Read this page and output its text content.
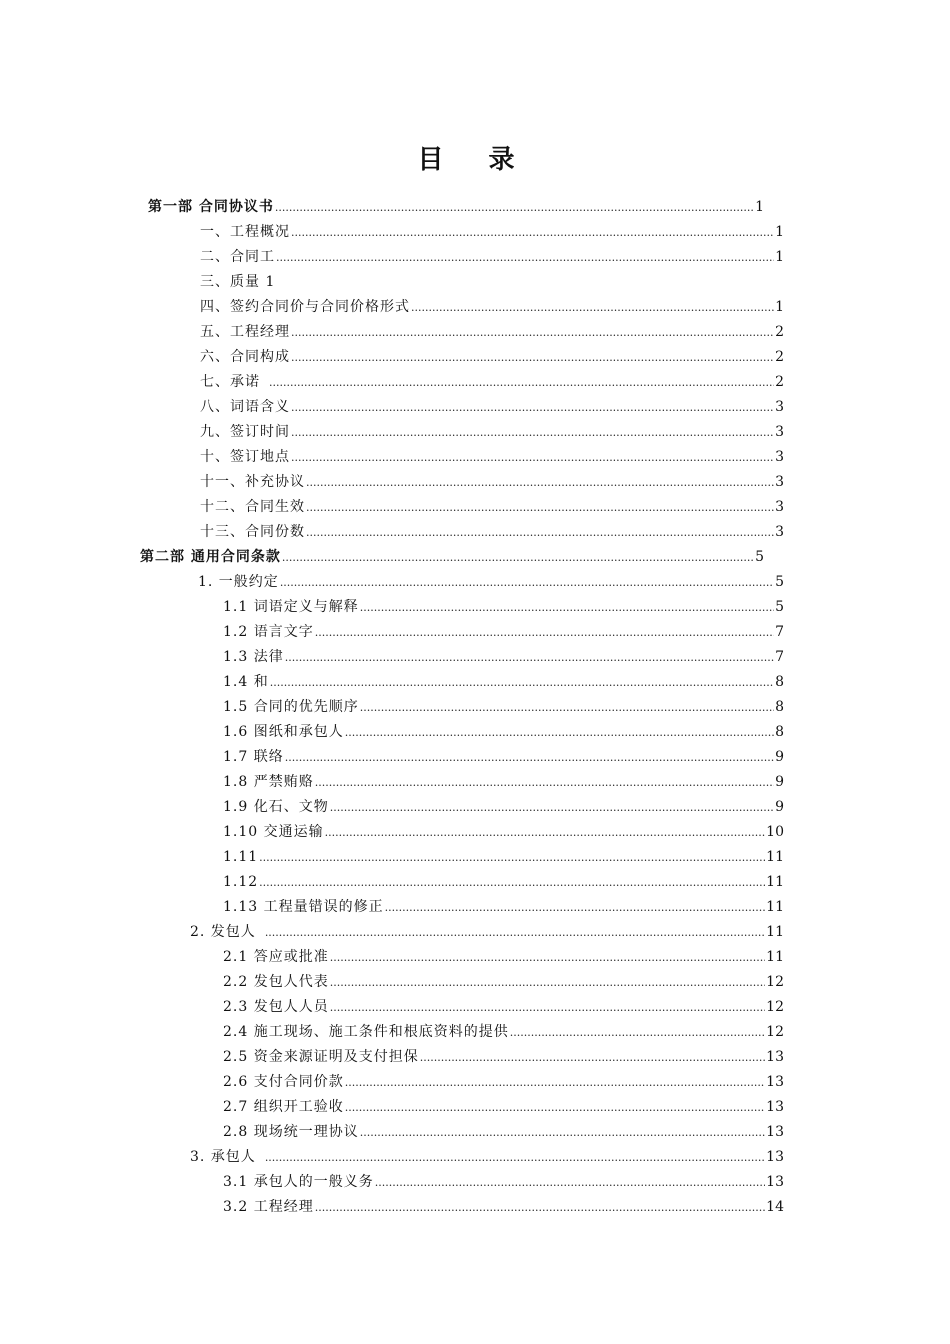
目 录
第一部 合同协议书 .....	1
一、工程概况 .....	1
二、合同工 .....	1
三、质量 1
四、签约合同价与合同价格形式 .....	1
五、工程经理 .....	2
六、合同构成 .....	2
七、承诺 .....	2
八、词语含义 .....	3
九、签订时间 .....	3
十、签订地点 .....	3
十一、补充协议 .....	3
十二、合同生效 .....	3
十三、合同份数 .....	3
第二部 通用合同条款 .....	5
1. 一般约定 .....	5
1.1 词语定义与解释 .....	5
1.2 语言文字 .....	7
1.3 法律 .....	7
1.4 和 .....	8
1.5 合同的优先顺序 .....	8
1.6 图纸和承包人 .....	8
1.7 联络 .....	9
1.8 严禁贿赂 .....	9
1.9 化石、文物 .....	9
1.10 交通运输 .....	10
1.11 .....	11
1.12 .....	11
1.13 工程量错误的修正 .....	11
2. 发包人 .....	11
2.1 答应或批准 .....	11
2.2 发包人代表 .....	12
2.3 发包人人员 .....	12
2.4 施工现场、施工条件和根底资料的提供 .....	12
2.5 资金来源证明及支付担保 .....	13
2.6 支付合同价款 .....	13
2.7 组织开工验收 .....	13
2.8 现场统一理协议 .....	13
3. 承包人 .....	13
3.1 承包人的一般义务 .....	13
3.2 工程经理 .....	14
